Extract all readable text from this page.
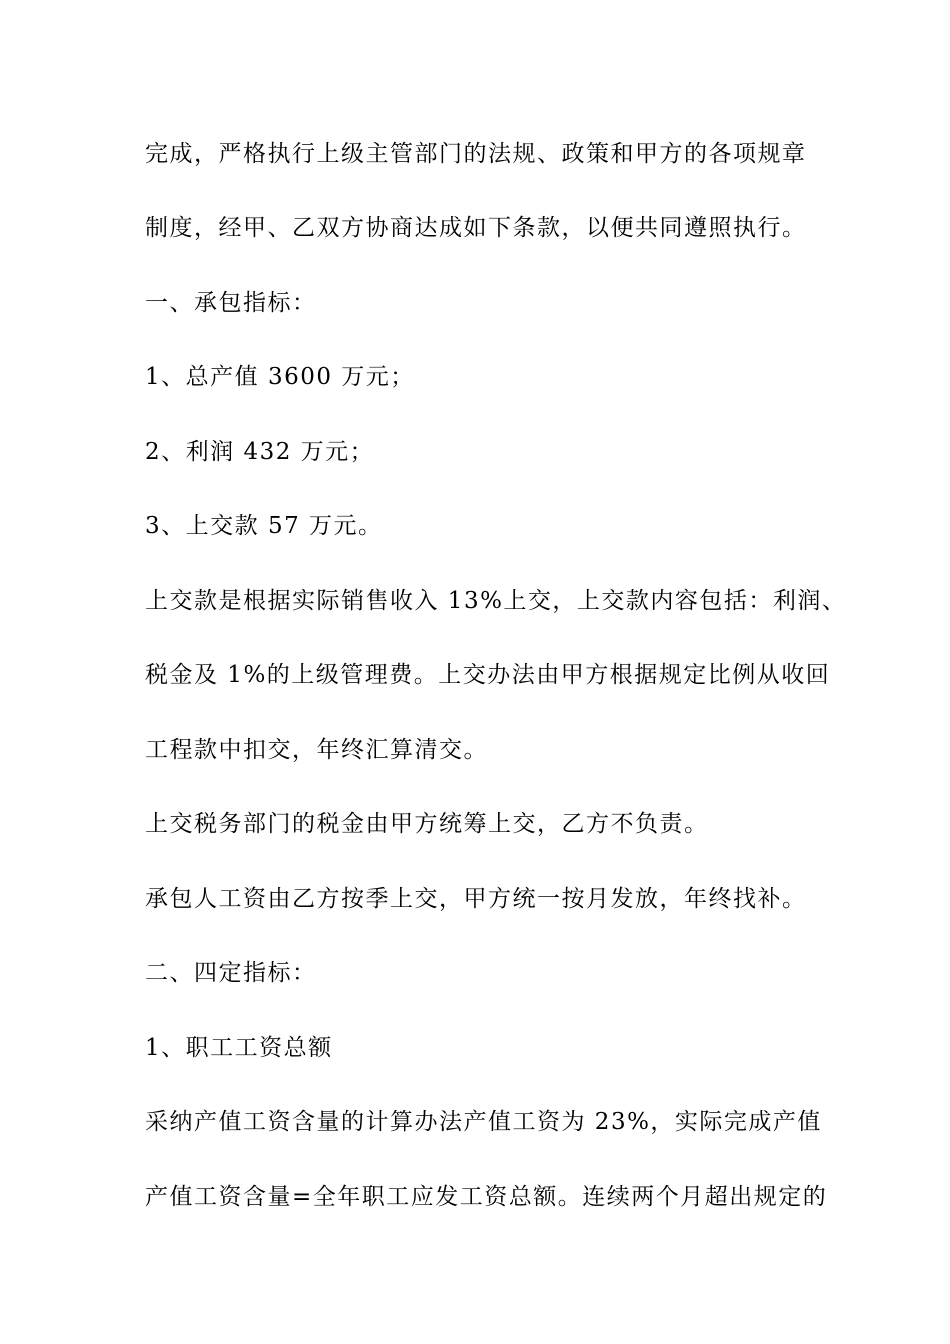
完成，严格执行上级主管部门的法规、政策和甲方的各项规章

制度，经甲、乙双方协商达成如下条款，以便共同遵照执行。

一、承包指标：

1、总产值 3600 万元；

2、利润 432 万元；

3、上交款 57 万元。

上交款是根据实际销售收入 13%上交，上交款内容包括：利润、

税金及 1%的上级管理费。上交办法由甲方根据规定比例从收回

工程款中扣交，年终汇算清交。

上交税务部门的税金由甲方统筹上交，乙方不负责。

承包人工资由乙方按季上交，甲方统一按月发放，年终找补。

二、四定指标：

1、职工工资总额

采纳产值工资含量的计算办法产值工资为 23%，实际完成产值

产值工资含量=全年职工应发工资总额。连续两个月超出规定的
